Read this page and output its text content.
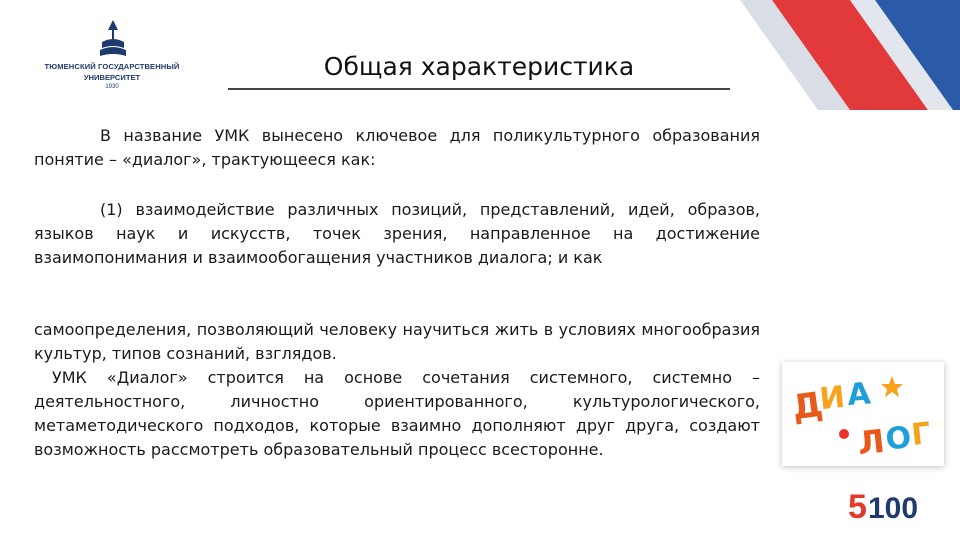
ТЮМЕНСКИЙ ГОСУДАРСТВЕННЫЙ
УНИВЕРСИТЕТ
1930
Общая характеристика
В название УМК вынесено ключевое для поликультурного образования понятие – «диалог», трактующееся как:
(1) взаимодействие различных позиций, представлений, идей, образов, языков наук и искусств, точек зрения, направленное на достижение взаимопонимания и взаимообогащения участников диалога; и как
самоопределения, позволяющий человеку научиться жить в условиях многообразия культур, типов сознаний, взглядов.
УМК «Диалог» строится на основе сочетания системного, системно – деятельностного, личностно ориентированного, культурологического, метаметодического подходов, которые взаимно дополняют друг друга, создают возможность рассмотреть образовательный процесс всесторонне.
Д
И А
Л
О
Г
5 100
